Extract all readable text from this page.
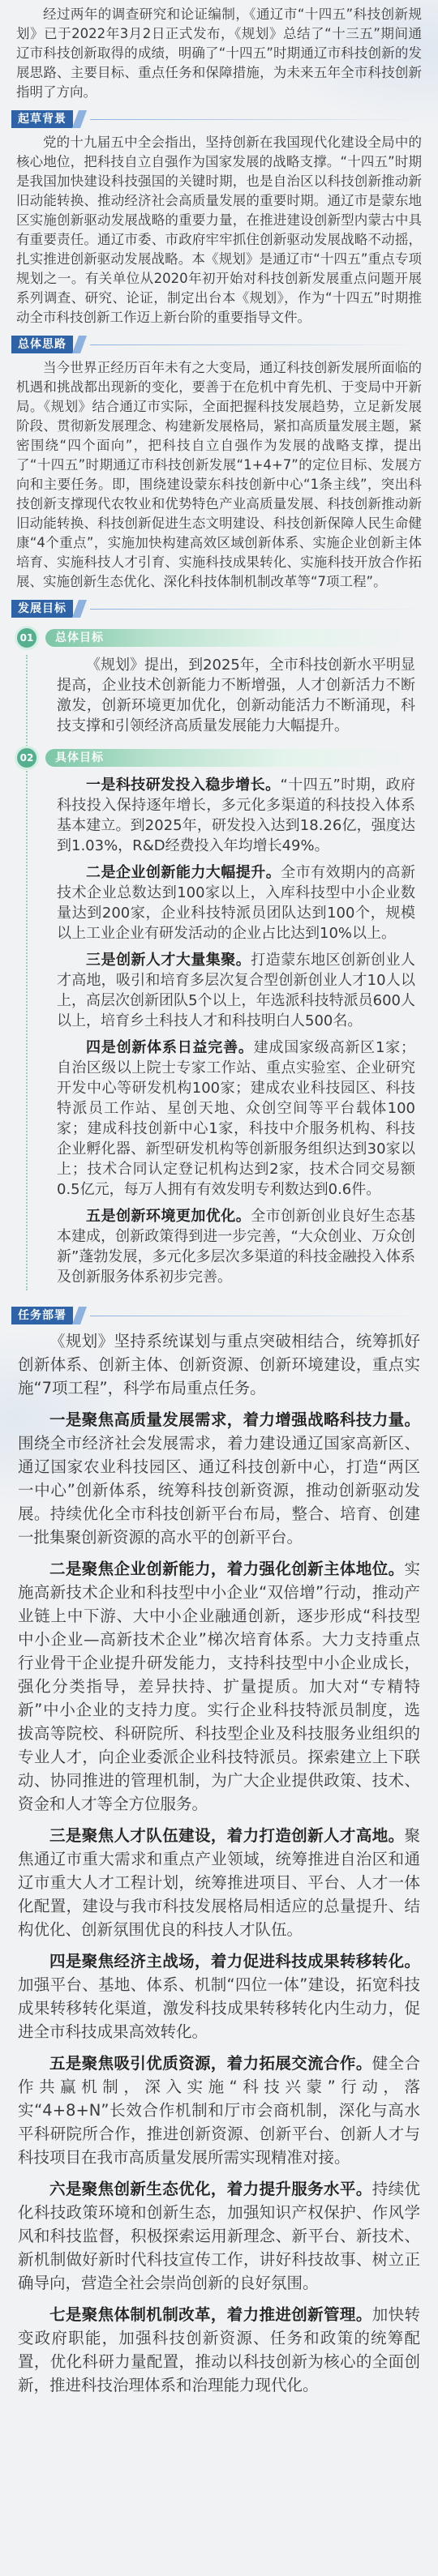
经过两年的调查研究和论证编制，《通辽市“十四五”科技创新规划》已于2022年3月2日正式发布，《规划》总结了“十三五”期间通辽市科技创新取得的成绩，明确了“十四五”时期通辽市科技创新的发展思路、主要目标、重点任务和保障措施，为未来五年全市科技创新指明了方向。

起草背景

党的十九届五中全会指出，坚持创新在我国现代化建设全局中的核心地位，把科技自立自强作为国家发展的战略支撑。“十四五”时期是我国加快建设科技强国的关键时期，也是自治区以科技创新推动新旧动能转换、推动经济社会高质量发展的重要时期。通辽市是蒙东地区实施创新驱动发展战略的重要力量，在推进建设创新型内蒙古中具有重要责任。通辽市委、市政府牢牢抓住创新驱动发展战略不动摇，扎实推进创新驱动发展战略。本《规划》是通辽市“十四五”重点专项规划之一。有关单位从2020年初开始对科技创新发展重点问题开展系列调查、研究、论证，制定出台本《规划》，作为“十四五”时期推动全市科技创新工作迈上新台阶的重要指导文件。

总体思路

当今世界正经历百年未有之大变局，通辽科技创新发展所面临的机遇和挑战都出现新的变化，要善于在危机中育先机、于变局中开新局。《规划》结合通辽市实际，全面把握科技发展趋势，立足新发展阶段、贯彻新发展理念、构建新发展格局，紧扣高质量发展主题，紧密围绕“四个面向”，把科技自立自强作为发展的战略支撑，提出了“十四五”时期通辽市科技创新发展“1+4+7”的定位目标、发展方向和主要任务。即，围绕建设蒙东科技创新中心“1条主线”，突出科技创新支撑现代农牧业和优势特色产业高质量发展、科技创新推动新旧动能转换、科技创新促进生态文明建设、科技创新保障人民生命健康“4个重点”，实施加快构建高效区域创新体系、实施企业创新主体培育、实施科技人才引育、实施科技成果转化、实施科技开放合作拓展、实施创新生态优化、深化科技体制机制改革等“7项工程”。

发展目标
01	总体目标

《规划》提出，到2025年，全市科技创新水平明显提高，企业技术创新能力不断增强，人才创新活力不断激发，创新环境更加优化，创新动能活力不断涌现，科技支撑和引领经济高质量发展能力大幅提升。

02	具体目标

一是科技研发投入稳步增长。“十四五”时期，政府科技投入保持逐年增长，多元化多渠道的科技投入体系基本建立。到2025年，研发投入达到18.26亿，强度达到1.03%，R&D经费投入年均增长49%。

二是企业创新能力大幅提升。全市有效期内的高新技术企业总数达到100家以上，入库科技型中小企业数量达到200家，企业科技特派员团队达到100个，规模以上工业企业有研发活动的企业占比达到10%以上。

三是创新人才大量集聚。打造蒙东地区创新创业人才高地，吸引和培育多层次复合型创新创业人才10人以上，高层次创新团队5个以上，年选派科技特派员600人以上，培育乡土科技人才和科技明白人500名。

四是创新体系日益完善。建成国家级高新区1家；自治区级以上院士专家工作站、重点实验室、企业研究开发中心等研发机构100家；建成农业科技园区、科技特派员工作站、星创天地、众创空间等平台载体100家；建成科技创新中心1家，科技中介服务机构、科技企业孵化器、新型研发机构等创新服务组织达到30家以上；技术合同认定登记机构达到2家，技术合同交易额0.5亿元，每万人拥有有效发明专利数达到0.6件。

五是创新环境更加优化。全市创新创业良好生态基本建成，创新政策得到进一步完善，“大众创业、万众创新”蓬勃发展，多元化多层次多渠道的科技金融投入体系及创新服务体系初步完善。

任务部署

《规划》坚持系统谋划与重点突破相结合，统筹抓好创新体系、创新主体、创新资源、创新环境建设，重点实施“7项工程”，科学布局重点任务。

一是聚焦高质量发展需求，着力增强战略科技力量。围绕全市经济社会发展需求，着力建设通辽国家高新区、通辽国家农业科技园区、通辽科技创新中心，打造“两区一中心”创新体系，统筹科技创新资源，推动创新驱动发展。持续优化全市科技创新平台布局，整合、培育、创建一批集聚创新资源的高水平的创新平台。

二是聚焦企业创新能力，着力强化创新主体地位。实施高新技术企业和科技型中小企业“双倍增”行动，推动产业链上中下游、大中小企业融通创新，逐步形成“科技型中小企业—高新技术企业”梯次培育体系。大力支持重点行业骨干企业提升研发能力，支持科技型中小企业成长，强化分类指导，差异扶持、扩量提质。加大对“专精特新”中小企业的支持力度。实行企业科技特派员制度，选拔高等院校、科研院所、科技型企业及科技服务业组织的专业人才，向企业委派企业科技特派员。探索建立上下联动、协同推进的管理机制，为广大企业提供政策、技术、资金和人才等全方位服务。

三是聚焦人才队伍建设，着力打造创新人才高地。聚焦通辽市重大需求和重点产业领域，统筹推进自治区和通辽市重大人才工程计划，统筹推进项目、平台、人才一体化配置，建设与我市科技发展格局相适应的总量提升、结构优化、创新氛围优良的科技人才队伍。

四是聚焦经济主战场，着力促进科技成果转移转化。加强平台、基地、体系、机制“四位一体”建设，拓宽科技成果转移转化渠道，激发科技成果转移转化内生动力，促进全市科技成果高效转化。

五是聚焦吸引优质资源，着力拓展交流合作。健全合作共赢机制，深入实施“科技兴蒙”行动，落实“4+8+N”长效合作机制和厅市会商机制，深化与高水平科研院所合作，推进创新资源、创新平台、创新人才与科技项目在我市高质量发展所需实现精准对接。

六是聚焦创新生态优化，着力提升服务水平。持续优化科技政策环境和创新生态，加强知识产权保护、作风学风和科技监督，积极探索运用新理念、新平台、新技术、新机制做好新时代科技宣传工作，讲好科技故事、树立正确导向，营造全社会崇尚创新的良好氛围。

七是聚焦体制机制改革，着力推进创新管理。加快转变政府职能，加强科技创新资源、任务和政策的统筹配置，优化科研力量配置，推动以科技创新为核心的全面创新，推进科技治理体系和治理能力现代化。
